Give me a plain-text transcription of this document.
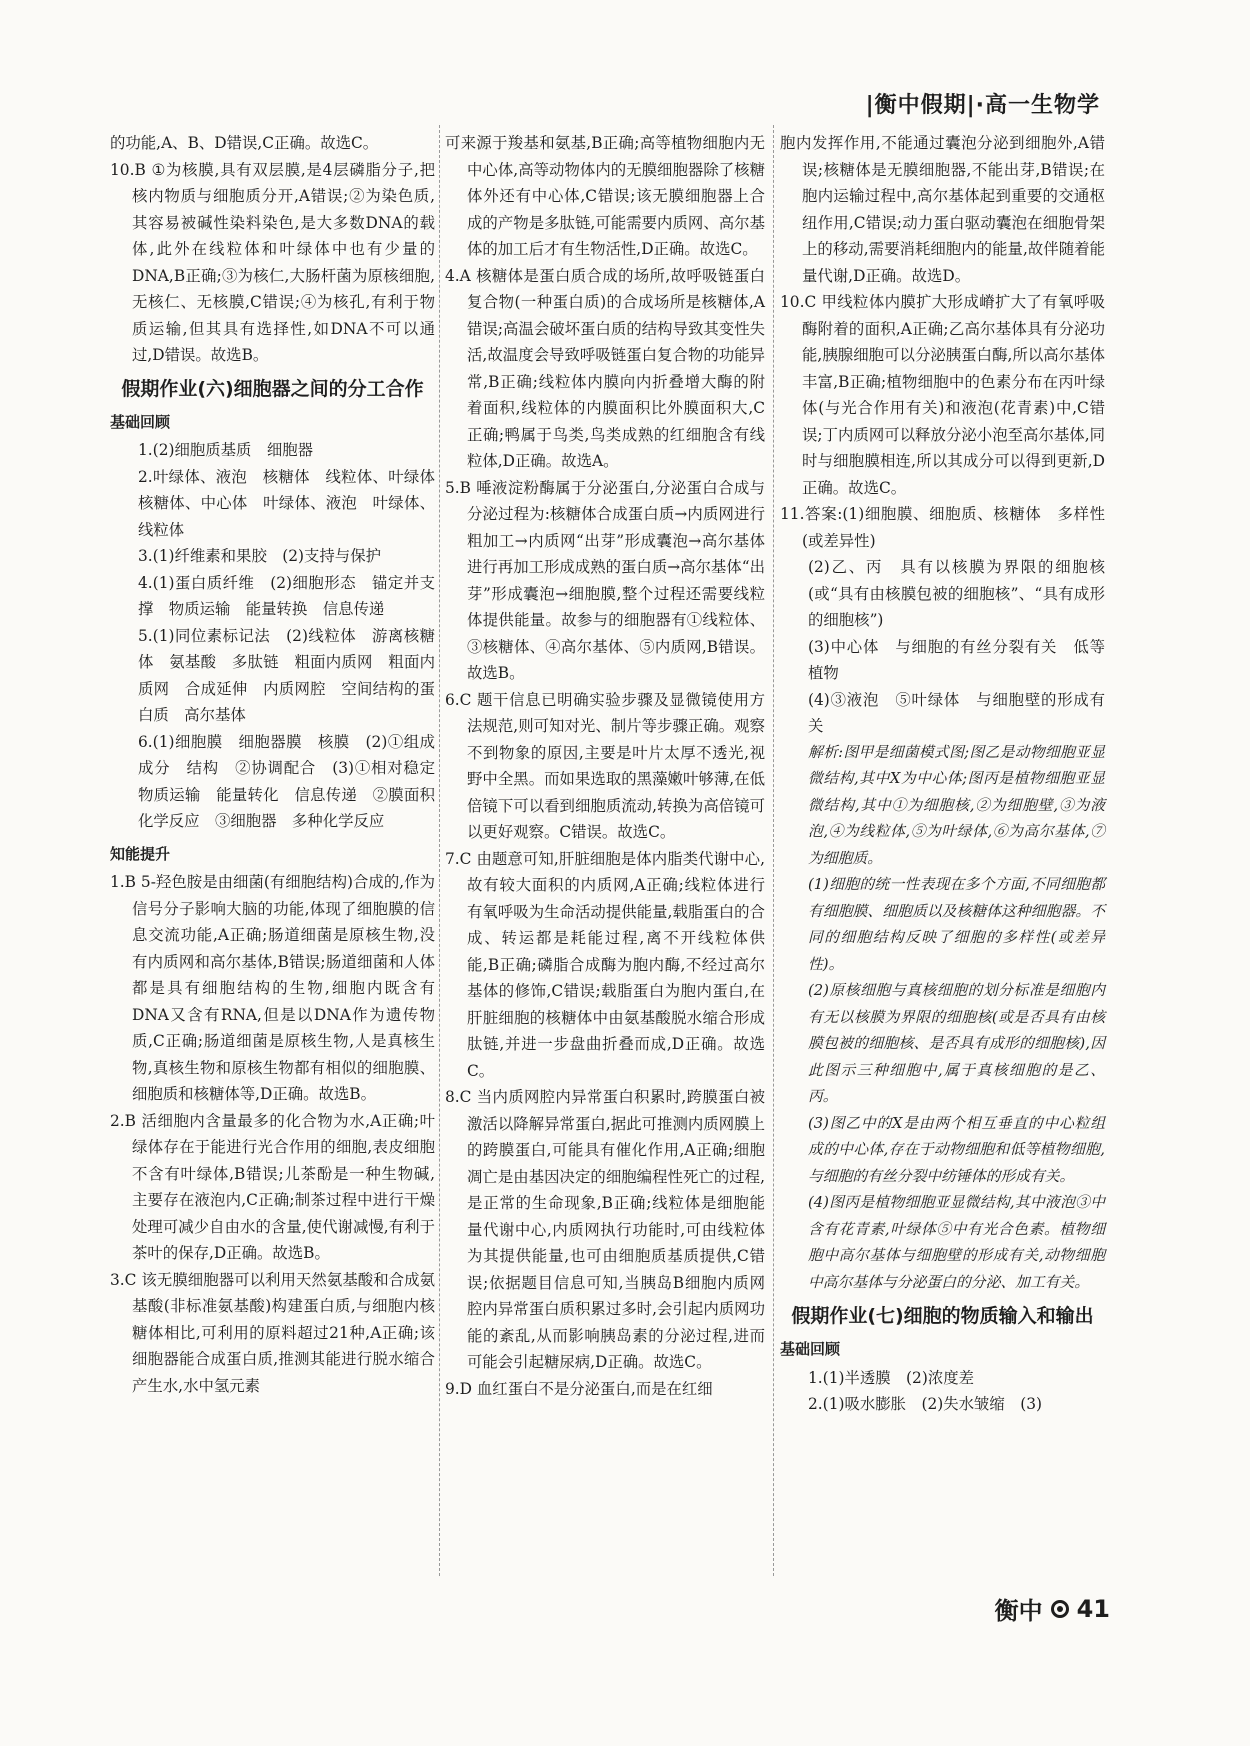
|衡中假期|·高一生物学

的功能,A、B、D错误,C正确。故选C。

10.B ①为核膜,具有双层膜,是4层磷脂分子,把核内物质与细胞质分开,A错误;②为染色质,其容易被碱性染料染色,是大多数DNA的载体,此外在线粒体和叶绿体中也有少量的DNA,B正确;③为核仁,大肠杆菌为原核细胞,无核仁、无核膜,C错误;④为核孔,有利于物质运输,但其具有选择性,如DNA不可以通过,D错误。故选B。

假期作业(六)细胞器之间的分工合作

基础回顾

1.(2)细胞质基质　细胞器

2.叶绿体、液泡　核糖体　线粒体、叶绿体　核糖体、中心体　叶绿体、液泡　叶绿体、线粒体

3.(1)纤维素和果胶　(2)支持与保护

4.(1)蛋白质纤维　(2)细胞形态　锚定并支撑　物质运输　能量转换　信息传递

5.(1)同位素标记法　(2)线粒体　游离核糖体　氨基酸　多肽链　粗面内质网　粗面内质网　合成延伸　内质网腔　空间结构的蛋白质　高尔基体

6.(1)细胞膜　细胞器膜　核膜　(2)①组成成分　结构　②协调配合　(3)①相对稳定　物质运输　能量转化　信息传递　②膜面积　化学反应　③细胞器　多种化学反应

知能提升

1.B 5-羟色胺是由细菌(有细胞结构)合成的,作为信号分子影响大脑的功能,体现了细胞膜的信息交流功能,A正确;肠道细菌是原核生物,没有内质网和高尔基体,B错误;肠道细菌和人体都是具有细胞结构的生物,细胞内既含有DNA又含有RNA,但是以DNA作为遗传物质,C正确;肠道细菌是原核生物,人是真核生物,真核生物和原核生物都有相似的细胞膜、细胞质和核糖体等,D正确。故选B。

2.B 活细胞内含量最多的化合物为水,A正确;叶绿体存在于能进行光合作用的细胞,表皮细胞不含有叶绿体,B错误;儿茶酚是一种生物碱,主要存在液泡内,C正确;制茶过程中进行干燥处理可减少自由水的含量,使代谢减慢,有利于茶叶的保存,D正确。故选B。

3.C 该无膜细胞器可以利用天然氨基酸和合成氨基酸(非标准氨基酸)构建蛋白质,与细胞内核糖体相比,可利用的原料超过21种,A正确;该细胞器能合成蛋白质,推测其能进行脱水缩合产生水,水中氢元素

可来源于羧基和氨基,B正确;高等植物细胞内无中心体,高等动物体内的无膜细胞器除了核糖体外还有中心体,C错误;该无膜细胞器上合成的产物是多肽链,可能需要内质网、高尔基体的加工后才有生物活性,D正确。故选C。

4.A 核糖体是蛋白质合成的场所,故呼吸链蛋白复合物(一种蛋白质)的合成场所是核糖体,A错误;高温会破坏蛋白质的结构导致其变性失活,故温度会导致呼吸链蛋白复合物的功能异常,B正确;线粒体内膜向内折叠增大酶的附着面积,线粒体的内膜面积比外膜面积大,C正确;鸭属于鸟类,鸟类成熟的红细胞含有线粒体,D正确。故选A。

5.B 唾液淀粉酶属于分泌蛋白,分泌蛋白合成与分泌过程为:核糖体合成蛋白质→内质网进行粗加工→内质网“出芽”形成囊泡→高尔基体进行再加工形成成熟的蛋白质→高尔基体“出芽”形成囊泡→细胞膜,整个过程还需要线粒体提供能量。故参与的细胞器有①线粒体、③核糖体、④高尔基体、⑤内质网,B错误。故选B。

6.C 题干信息已明确实验步骤及显微镜使用方法规范,则可知对光、制片等步骤正确。观察不到物象的原因,主要是叶片太厚不透光,视野中全黑。而如果选取的黑藻嫩叶够薄,在低倍镜下可以看到细胞质流动,转换为高倍镜可以更好观察。C错误。故选C。

7.C 由题意可知,肝脏细胞是体内脂类代谢中心,故有较大面积的内质网,A正确;线粒体进行有氧呼吸为生命活动提供能量,载脂蛋白的合成、转运都是耗能过程,离不开线粒体供能,B正确;磷脂合成酶为胞内酶,不经过高尔基体的修饰,C错误;载脂蛋白为胞内蛋白,在肝脏细胞的核糖体中由氨基酸脱水缩合形成肽链,并进一步盘曲折叠而成,D正确。故选C。

8.C 当内质网腔内异常蛋白积累时,跨膜蛋白被激活以降解异常蛋白,据此可推测内质网膜上的跨膜蛋白,可能具有催化作用,A正确;细胞凋亡是由基因决定的细胞编程性死亡的过程,是正常的生命现象,B正确;线粒体是细胞能量代谢中心,内质网执行功能时,可由线粒体为其提供能量,也可由细胞质基质提供,C错误;依据题目信息可知,当胰岛B细胞内质网腔内异常蛋白质积累过多时,会引起内质网功能的紊乱,从而影响胰岛素的分泌过程,进而可能会引起糖尿病,D正确。故选C。

9.D 血红蛋白不是分泌蛋白,而是在红细

胞内发挥作用,不能通过囊泡分泌到细胞外,A错误;核糖体是无膜细胞器,不能出芽,B错误;在胞内运输过程中,高尔基体起到重要的交通枢纽作用,C错误;动力蛋白驱动囊泡在细胞骨架上的移动,需要消耗细胞内的能量,故伴随着能量代谢,D正确。故选D。

10.C 甲线粒体内膜扩大形成嵴扩大了有氧呼吸酶附着的面积,A正确;乙高尔基体具有分泌功能,胰腺细胞可以分泌胰蛋白酶,所以高尔基体丰富,B正确;植物细胞中的色素分布在丙叶绿体(与光合作用有关)和液泡(花青素)中,C错误;丁内质网可以释放分泌小泡至高尔基体,同时与细胞膜相连,所以其成分可以得到更新,D正确。故选C。

11.答案:(1)细胞膜、细胞质、核糖体　多样性(或差异性)

(2)乙、丙　具有以核膜为界限的细胞核(或“具有由核膜包被的细胞核”、“具有成形的细胞核”)

(3)中心体　与细胞的有丝分裂有关　低等植物

(4)③液泡　⑤叶绿体　与细胞壁的形成有关

解析:图甲是细菌模式图;图乙是动物细胞亚显微结构,其中X为中心体;图丙是植物细胞亚显微结构,其中①为细胞核,②为细胞壁,③为液泡,④为线粒体,⑤为叶绿体,⑥为高尔基体,⑦为细胞质。

(1)细胞的统一性表现在多个方面,不同细胞都有细胞膜、细胞质以及核糖体这种细胞器。不同的细胞结构反映了细胞的多样性(或差异性)。

(2)原核细胞与真核细胞的划分标准是细胞内有无以核膜为界限的细胞核(或是否具有由核膜包被的细胞核、是否具有成形的细胞核),因此图示三种细胞中,属于真核细胞的是乙、丙。

(3)图乙中的X是由两个相互垂直的中心粒组成的中心体,存在于动物细胞和低等植物细胞,与细胞的有丝分裂中纺锤体的形成有关。

(4)图丙是植物细胞亚显微结构,其中液泡③中含有花青素,叶绿体⑤中有光合色素。植物细胞中高尔基体与细胞壁的形成有关,动物细胞中高尔基体与分泌蛋白的分泌、加工有关。

假期作业(七)细胞的物质输入和输出

基础回顾

1.(1)半透膜　(2)浓度差

2.(1)吸水膨胀　(2)失水皱缩　(3)

衡中 41
